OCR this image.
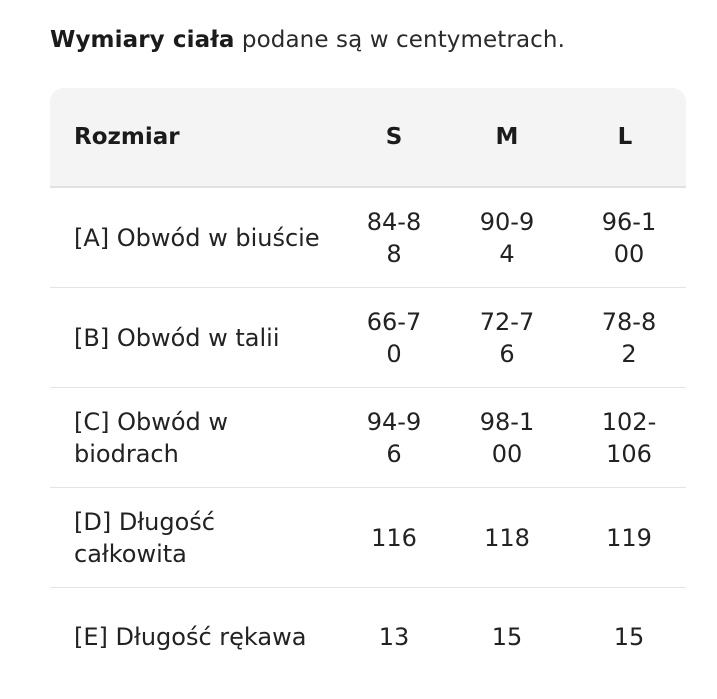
Wymiary ciała podane są w centymetrach.
Rozmiar	S	M	L
[A] Obwód w biuście	84-88	90-94	96-100
[B] Obwód w talii	66-70	72-76	78-82
[C] Obwód w biodrach	94-96	98-100	102-106
[D] Długość całkowita	116	118	119
[E] Długość rękawa	13	15	15
